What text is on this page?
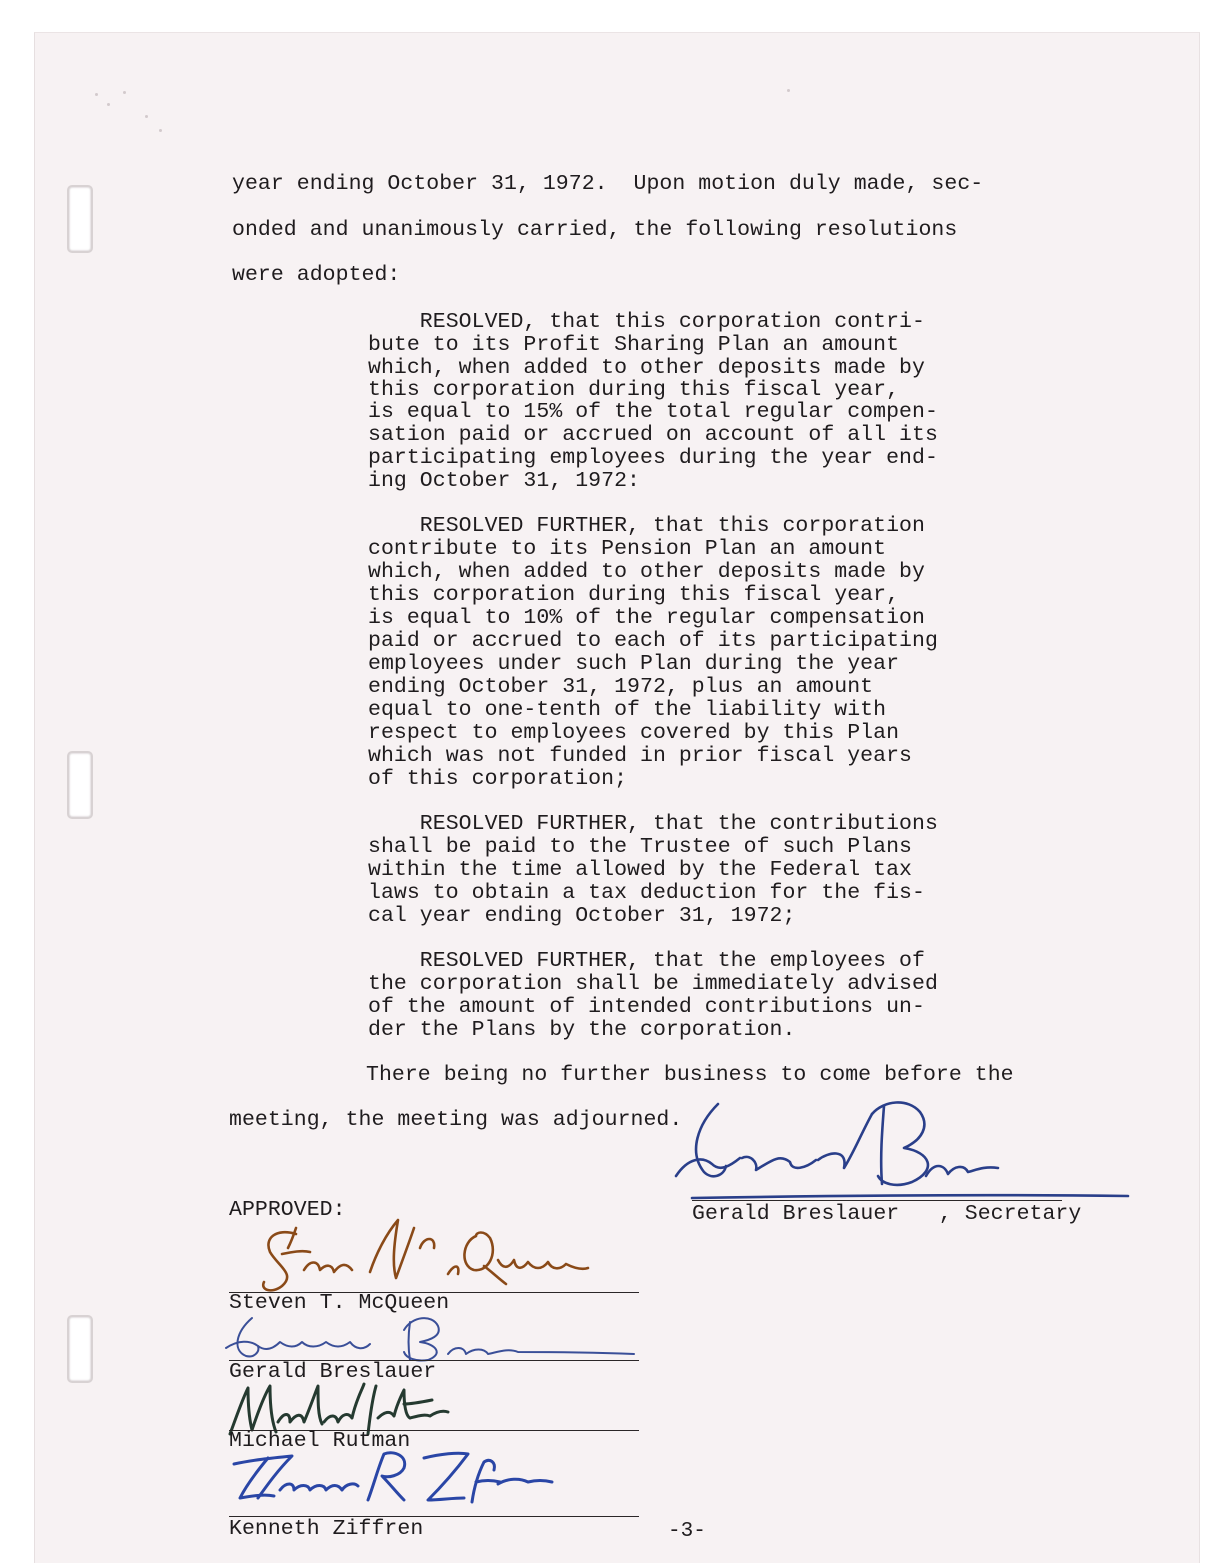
year ending October 31, 1972.  Upon motion duly made, sec-
onded and unanimously carried, the following resolutions
were adopted:
RESOLVED, that this corporation contri-
bute to its Profit Sharing Plan an amount
which, when added to other deposits made by
this corporation during this fiscal year,
is equal to 15% of the total regular compen-
sation paid or accrued on account of all its
participating employees during the year end-
ing October 31, 1972:
RESOLVED FURTHER, that this corporation
contribute to its Pension Plan an amount
which, when added to other deposits made by
this corporation during this fiscal year,
is equal to 10% of the regular compensation
paid or accrued to each of its participating
employees under such Plan during the year
ending October 31, 1972, plus an amount
equal to one-tenth of the liability with
respect to employees covered by this Plan
which was not funded in prior fiscal years
of this corporation;
RESOLVED FURTHER, that the contributions
shall be paid to the Trustee of such Plans
within the time allowed by the Federal tax
laws to obtain a tax deduction for the fis-
cal year ending October 31, 1972;
RESOLVED FURTHER, that the employees of
the corporation shall be immediately advised
of the amount of intended contributions un-
der the Plans by the corporation.
There being no further business to come before the
meeting, the meeting was adjourned.
Gerald Breslauer , Secretary
APPROVED:
Steven T. McQueen
Gerald Breslauer
Michael Rutman
Kenneth Ziffren	-3-
